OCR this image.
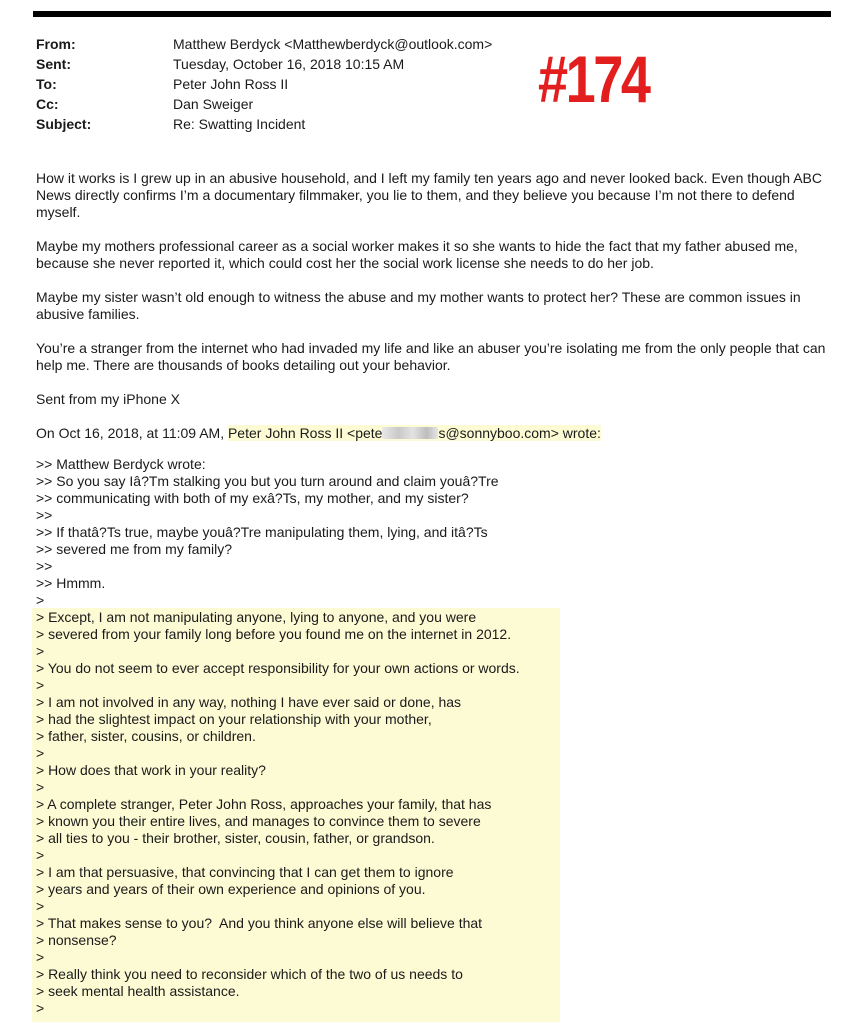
From:	Matthew Berdyck <Matthewberdyck@outlook.com>
Sent:	Tuesday, October 16, 2018 10:15 AM
To:	Peter John Ross II
Cc:	Dan Sweiger
Subject:	Re: Swatting Incident
#174

How it works is I grew up in an abusive household, and I left my family ten years ago and never looked back. Even though ABC News directly confirms I’m a documentary filmmaker, you lie to them, and they believe you because I’m not there to defend myself.

Maybe my mothers professional career as a social worker makes it so she wants to hide the fact that my father abused me, because she never reported it, which could cost her the social work license she needs to do her job.

Maybe my sister wasn’t old enough to witness the abuse and my mother wants to protect her? These are common issues in abusive families.

You’re a stranger from the internet who had invaded my life and like an abuser you’re isolating me from the only people that can help me. There are thousands of books detailing out your behavior.

Sent from my iPhone X

On Oct 16, 2018, at 11:09 AM, Peter John Ross II <pete	s@sonnyboo.com> wrote:

>> Matthew Berdyck wrote:
>> So you say Iâ?Tm stalking you but you turn around and claim youâ?Tre
>> communicating with both of my exâ?Ts, my mother, and my sister?
>>
>> If thatâ?Ts true, maybe youâ?Tre manipulating them, lying, and itâ?Ts
>> severed me from my family?
>>
>> Hmmm.
>
> Except, I am not manipulating anyone, lying to anyone, and you were
> severed from your family long before you found me on the internet in 2012.
>
> You do not seem to ever accept responsibility for your own actions or words.
>
> I am not involved in any way, nothing I have ever said or done, has
> had the slightest impact on your relationship with your mother,
> father, sister, cousins, or children.
>
> How does that work in your reality?
>
> A complete stranger, Peter John Ross, approaches your family, that has
> known you their entire lives, and manages to convince them to severe
> all ties to you - their brother, sister, cousin, father, or grandson.
>
> I am that persuasive, that convincing that I can get them to ignore
> years and years of their own experience and opinions of you.
>
> That makes sense to you?  And you think anyone else will believe that
> nonsense?
>
> Really think you need to reconsider which of the two of us needs to
> seek mental health assistance.
>
